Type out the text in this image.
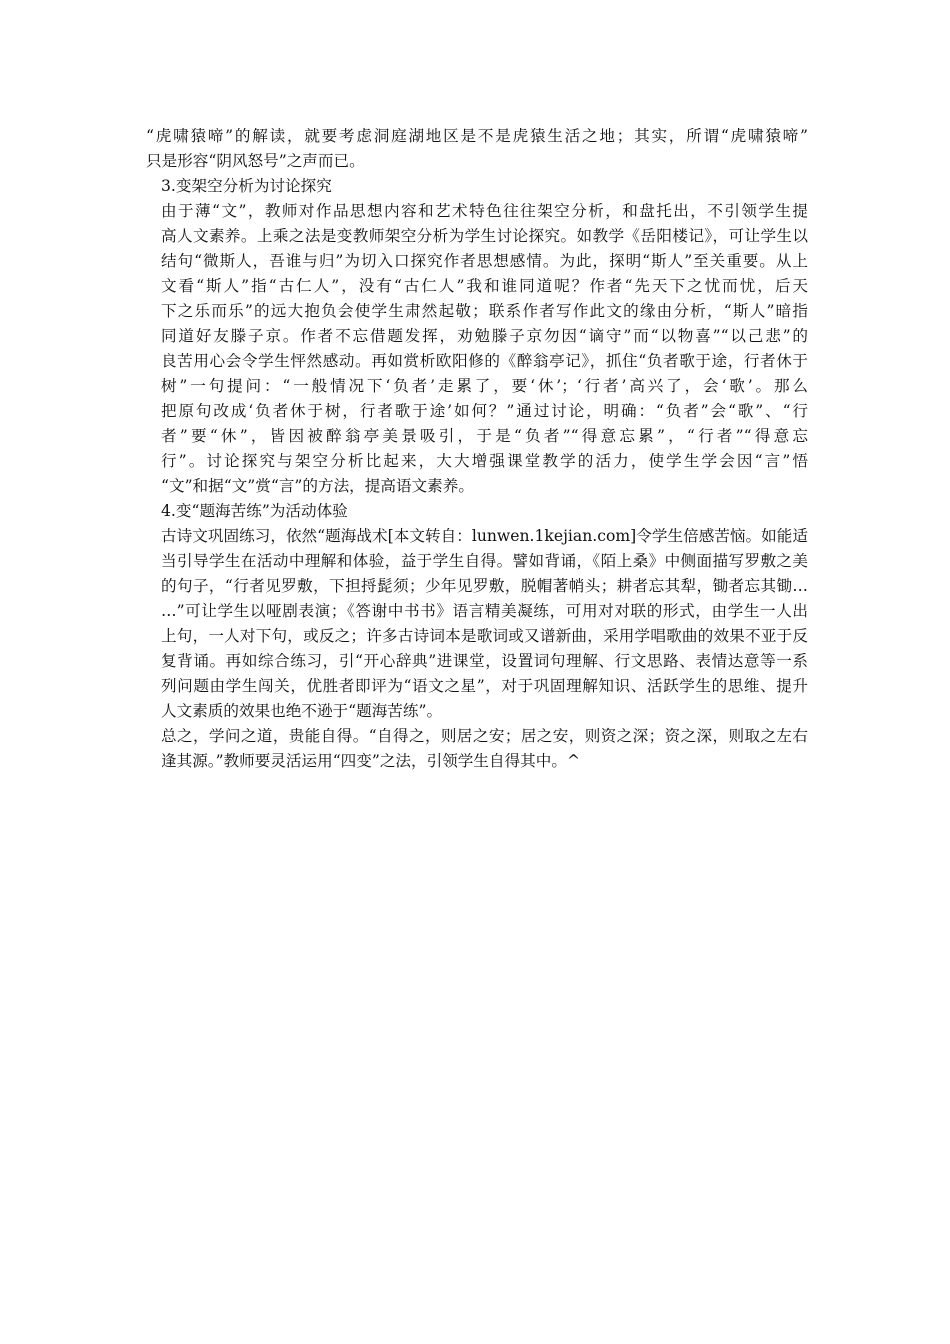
“虎啸猿啼”的解读，就要考虑洞庭湖地区是不是虎猿生活之地；其实，所谓“虎啸猿啼”
只是形容“阴风怒号”之声而已。

3.变架空分析为讨论探究

由于薄“文”，教师对作品思想内容和艺术特色往往架空分析，和盘托出，不引领学生提
高人文素养。上乘之法是变教师架空分析为学生讨论探究。如教学《岳阳楼记》，可让学生以
结句“微斯人，吾谁与归”为切入口探究作者思想感情。为此，探明“斯人”至关重要。从上
文看“斯人”指“古仁人”，没有“古仁人”我和谁同道呢？作者“先天下之忧而忧，后天
下之乐而乐”的远大抱负会使学生肃然起敬；联系作者写作此文的缘由分析，“斯人”暗指
同道好友滕子京。作者不忘借题发挥，劝勉滕子京勿因“谪守”而“以物喜”“以己悲”的
良苦用心会令学生怦然感动。再如赏析欧阳修的《醉翁亭记》，抓住“负者歌于途，行者休于
树”一句提问：“一般情况下‘负者’走累了，要‘休’；‘行者’高兴了，会‘歌’。那么
把原句改成‘负者休于树，行者歌于途’如何？”通过讨论，明确：“负者”会“歌”、“行
者”要“休”，皆因被醉翁亭美景吸引，于是“负者”“得意忘累”，“行者”“得意忘
行”。讨论探究与架空分析比起来，大大增强课堂教学的活力，使学生学会因“言”悟
“文”和据“文”赏“言”的方法，提高语文素养。

4.变“题海苦练”为活动体验

古诗文巩固练习，依然“题海战术[本文转自：lunwen.1kejian.com]令学生倍感苦恼。如能适
当引导学生在活动中理解和体验，益于学生自得。譬如背诵，《陌上桑》中侧面描写罗敷之美
的句子，“行者见罗敷，下担捋髭须；少年见罗敷，脱帽著帩头；耕者忘其犁，锄者忘其锄…
…”可让学生以哑剧表演；《答谢中书书》语言精美凝练，可用对对联的形式，由学生一人出
上句，一人对下句，或反之；许多古诗词本是歌词或又谱新曲，采用学唱歌曲的效果不亚于反
复背诵。再如综合练习，引“开心辞典”进课堂，设置词句理解、行文思路、表情达意等一系
列问题由学生闯关，优胜者即评为“语文之星”，对于巩固理解知识、活跃学生的思维、提升
人文素质的效果也绝不逊于“题海苦练”。

总之，学问之道，贵能自得。“自得之，则居之安；居之安，则资之深；资之深，则取之左右
逢其源。”教师要灵活运用“四变”之法，引领学生自得其中。^
